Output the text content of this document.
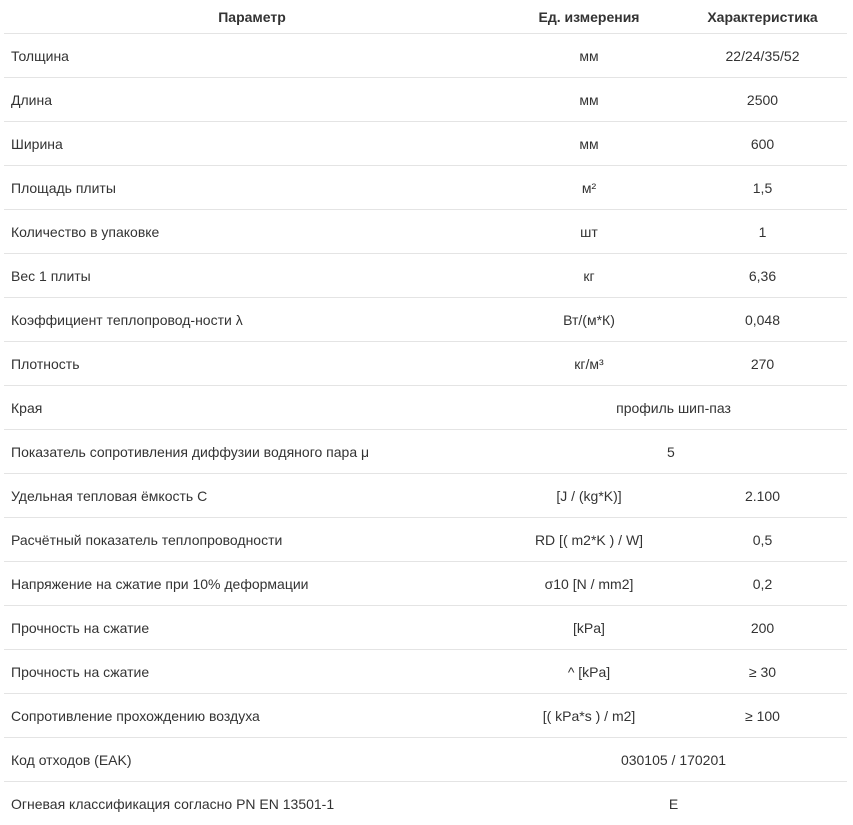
Параметр	Ед. измерения	Характеристика
Толщина	мм	22/24/35/52
Длина	мм	2500
Ширина	мм	600
Площадь плиты	м²	1,5
Количество в упаковке	шт	1
Вес 1 плиты	кг	6,36
Коэффициент теплопровод-ности λ	Вт/(м*К)	0,048
Плотность	кг/м³	270
Края	профиль шип-паз	
Показатель сопротивления диффузии водяного пара μ		5
Удельная тепловая ёмкость C	[J / (kg*K)]	2.100
Расчётный показатель теплопроводности	RD [( m2*K ) / W]	0,5
Напряжение на сжатие при 10% деформации	σ10 [N / mm2]	0,2
Прочность на сжатие	[kPa]	200
Прочность на сжатие	^ [kPa]	≥ 30
Сопротивление прохождению воздуха	[( kPa*s ) / m2]	≥ 100
Код отходов (EAK)	030105 / 170201	
Огневая классификация согласно PN EN 13501-1	E	
